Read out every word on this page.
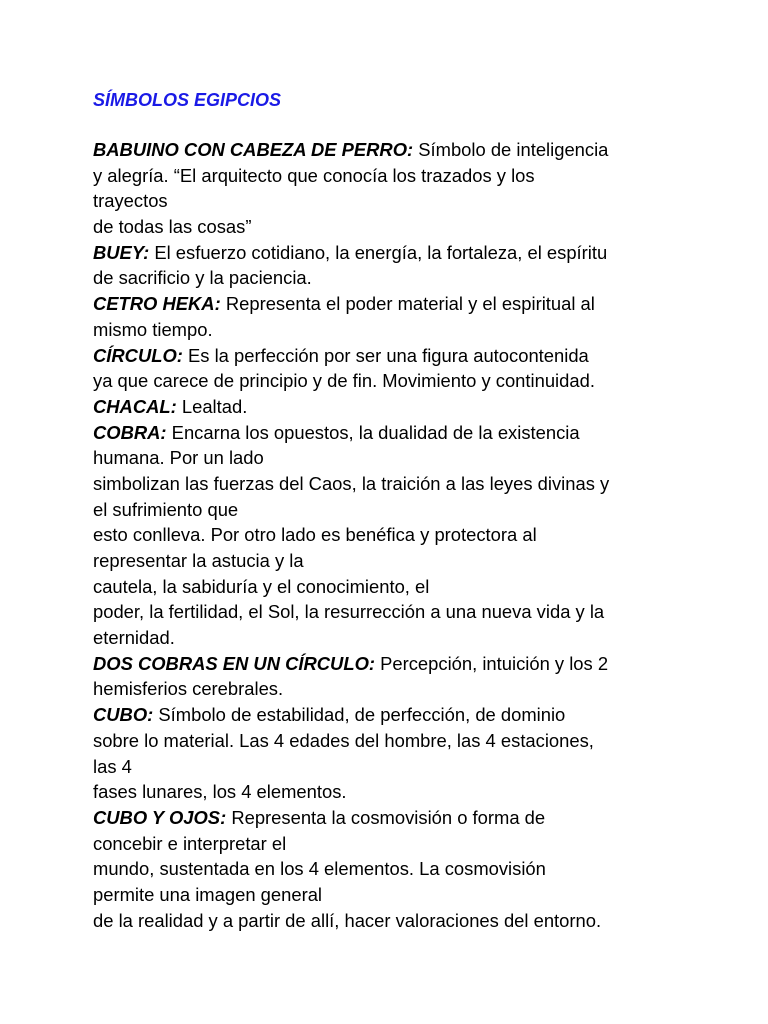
SÍMBOLOS EGIPCIOS
BABUINO CON CABEZA DE PERRO: Símbolo de inteligencia
y alegría. “El arquitecto que conocía los trazados y los
trayectos
de todas las cosas”
BUEY: El esfuerzo cotidiano, la energía, la fortaleza, el espíritu
de sacrificio y la paciencia.
CETRO HEKA: Representa el poder material y el espiritual al
mismo tiempo.
CÍRCULO: Es la perfección por ser una figura autocontenida
ya que carece de principio y de fin. Movimiento y continuidad.
CHACAL: Lealtad.
COBRA: Encarna los opuestos, la dualidad de la existencia
humana. Por un lado
simbolizan las fuerzas del Caos, la traición a las leyes divinas y
el sufrimiento que
esto conlleva. Por otro lado es benéfica y protectora al
representar la astucia y la
cautela, la sabiduría y el conocimiento, el
poder, la fertilidad, el Sol, la resurrección a una nueva vida y la
eternidad.
DOS COBRAS EN UN CÍRCULO: Percepción, intuición y los 2
hemisferios cerebrales.
CUBO: Símbolo de estabilidad, de perfección, de dominio
sobre lo material. Las 4 edades del hombre, las 4 estaciones,
las 4
fases lunares, los 4 elementos.
CUBO Y OJOS: Representa la cosmovisión o forma de
concebir e interpretar el
mundo, sustentada en los 4 elementos. La cosmovisión
permite una imagen general
de la realidad y a partir de allí, hacer valoraciones del entorno.
